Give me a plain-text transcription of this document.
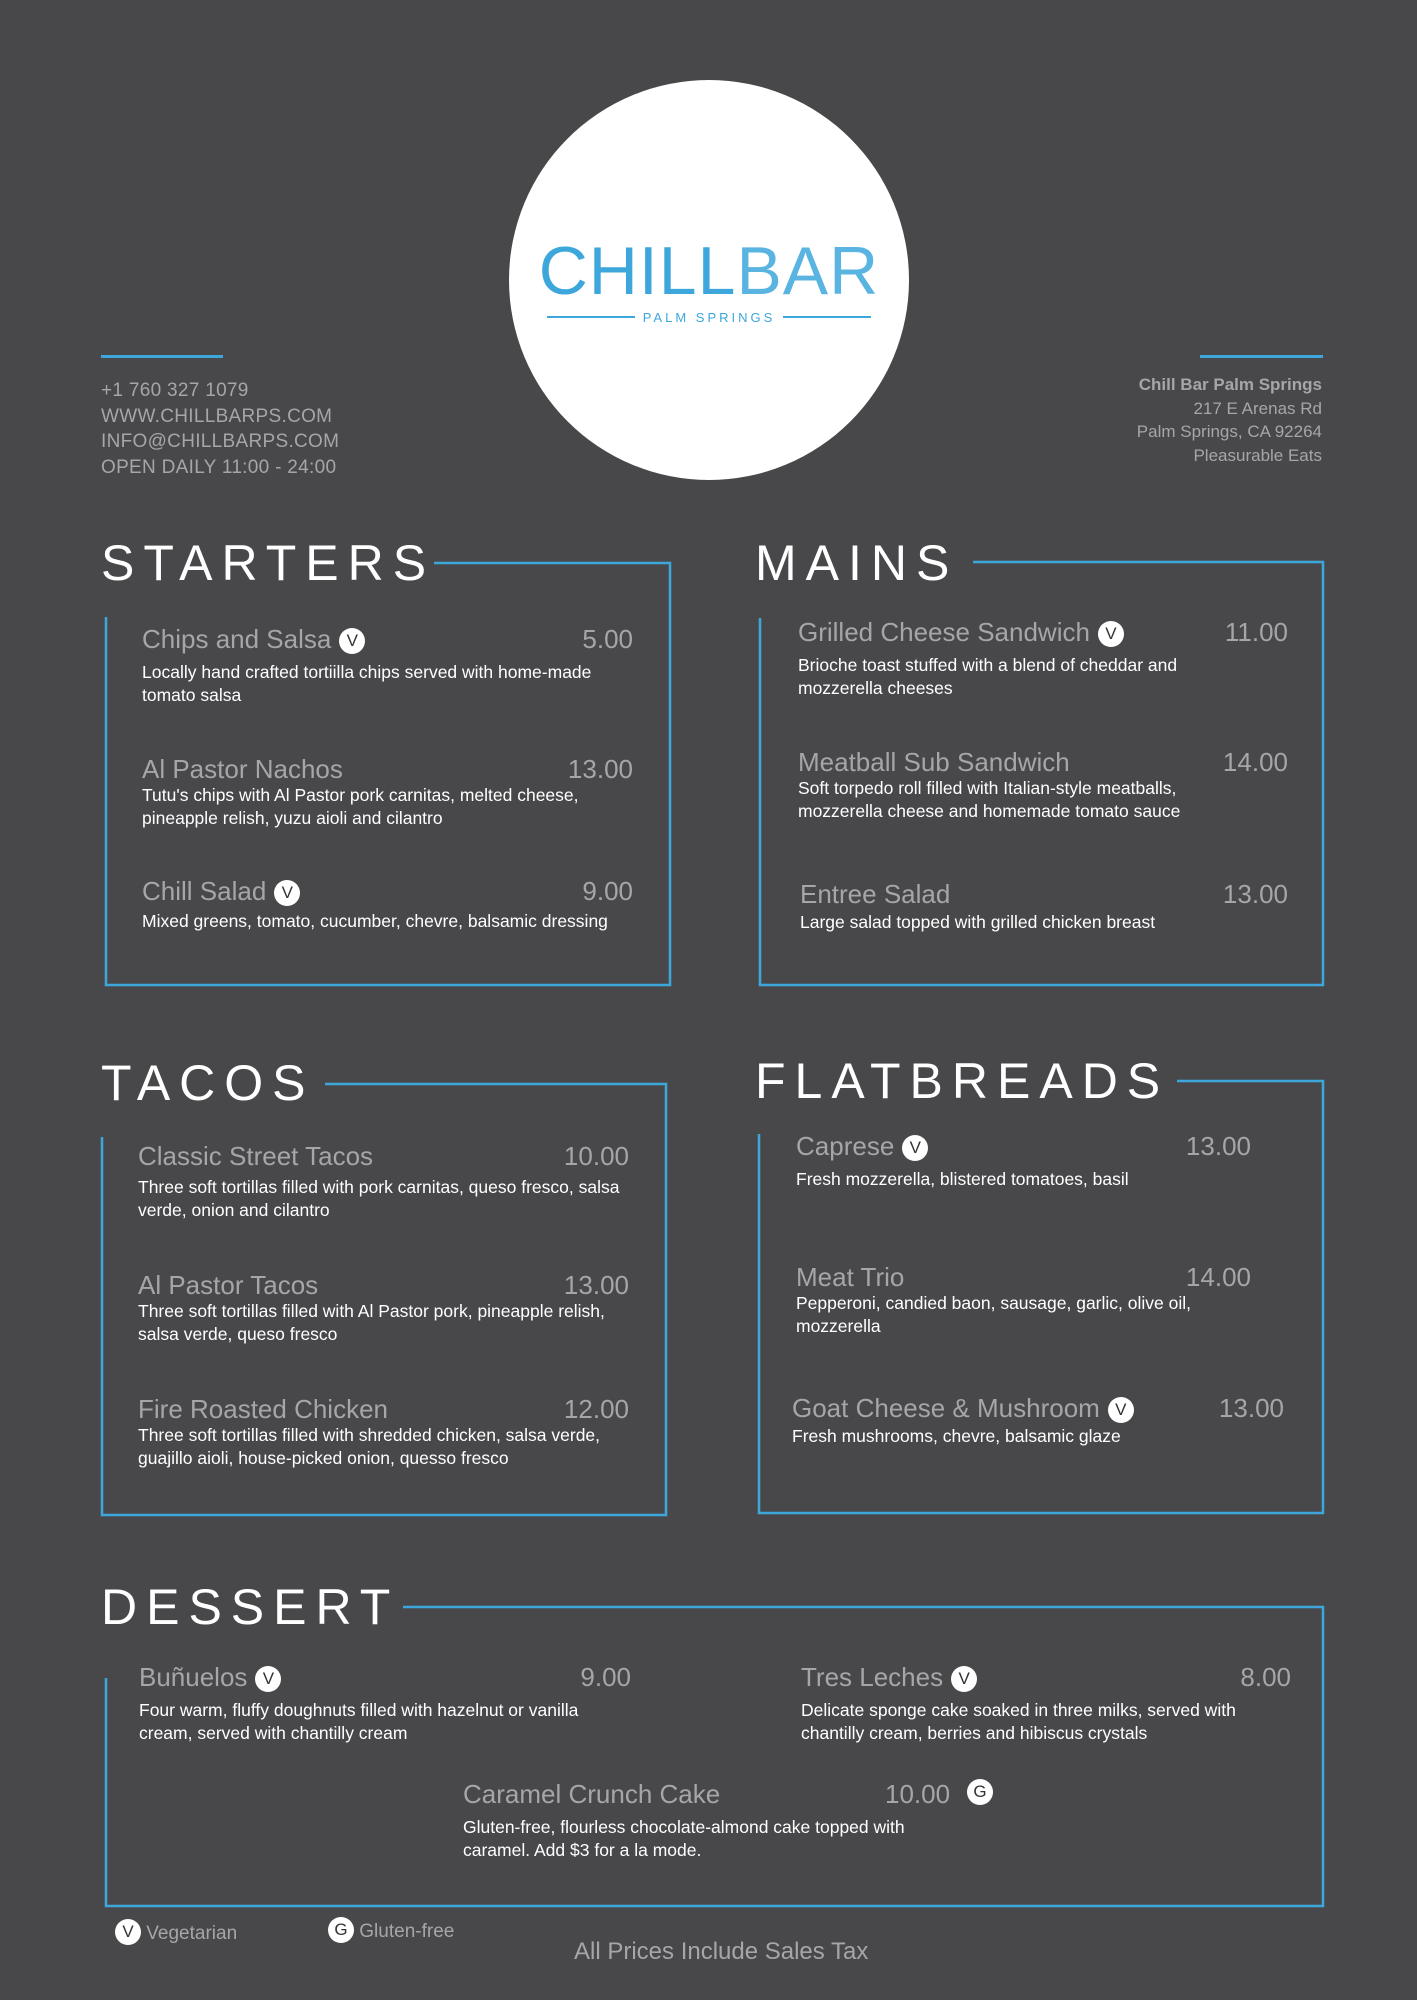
CHILLBAR
PALM SPRINGS
+1 760 327 1079
WWW.CHILLBARPS.COM
INFO@CHILLBARPS.COM
OPEN DAILY 11:00 - 24:00
Chill Bar Palm Springs
217 E Arenas Rd
Palm Springs, CA 92264
Pleasurable Eats
STARTERS
Chips and Salsa V	5.00
Locally hand crafted tortiilla chips served with home-made tomato salsa
Al Pastor Nachos	13.00
Tutu's chips with Al Pastor pork carnitas, melted cheese, pineapple relish, yuzu aioli and cilantro
Chill Salad V	9.00
Mixed greens, tomato, cucumber, chevre, balsamic dressing
MAINS
Grilled Cheese Sandwich V	11.00
Brioche toast stuffed with a blend of cheddar and mozzerella cheeses
Meatball Sub Sandwich	14.00
Soft torpedo roll filled with Italian-style meatballs, mozzerella cheese and homemade tomato sauce
Entree Salad	13.00
Large salad topped with grilled chicken breast
TACOS
Classic Street Tacos	10.00
Three soft tortillas filled with pork carnitas, queso fresco, salsa verde, onion and cilantro
Al Pastor Tacos	13.00
Three soft tortillas filled with Al Pastor pork, pineapple relish, salsa verde, queso fresco
Fire Roasted Chicken	12.00
Three soft tortillas filled with shredded chicken, salsa verde, guajillo aioli, house-picked onion, quesso fresco
FLATBREADS
Caprese V	13.00
Fresh mozzerella, blistered tomatoes, basil
Meat Trio	14.00
Pepperoni, candied baon, sausage, garlic, olive oil, mozzerella
Goat Cheese & Mushroom V	13.00
Fresh mushrooms, chevre, balsamic glaze
DESSERT
Buñuelos V	9.00
Four warm, fluffy doughnuts filled with hazelnut or vanilla cream, served with chantilly cream
Tres Leches V	8.00
Delicate sponge cake soaked in three milks, served with chantilly cream, berries and hibiscus crystals
Caramel Crunch Cake	10.00	G
Gluten-free, flourless chocolate-almond cake topped with caramel. Add $3 for a la mode.
V Vegetarian	G Gluten-free
All Prices Include Sales Tax
